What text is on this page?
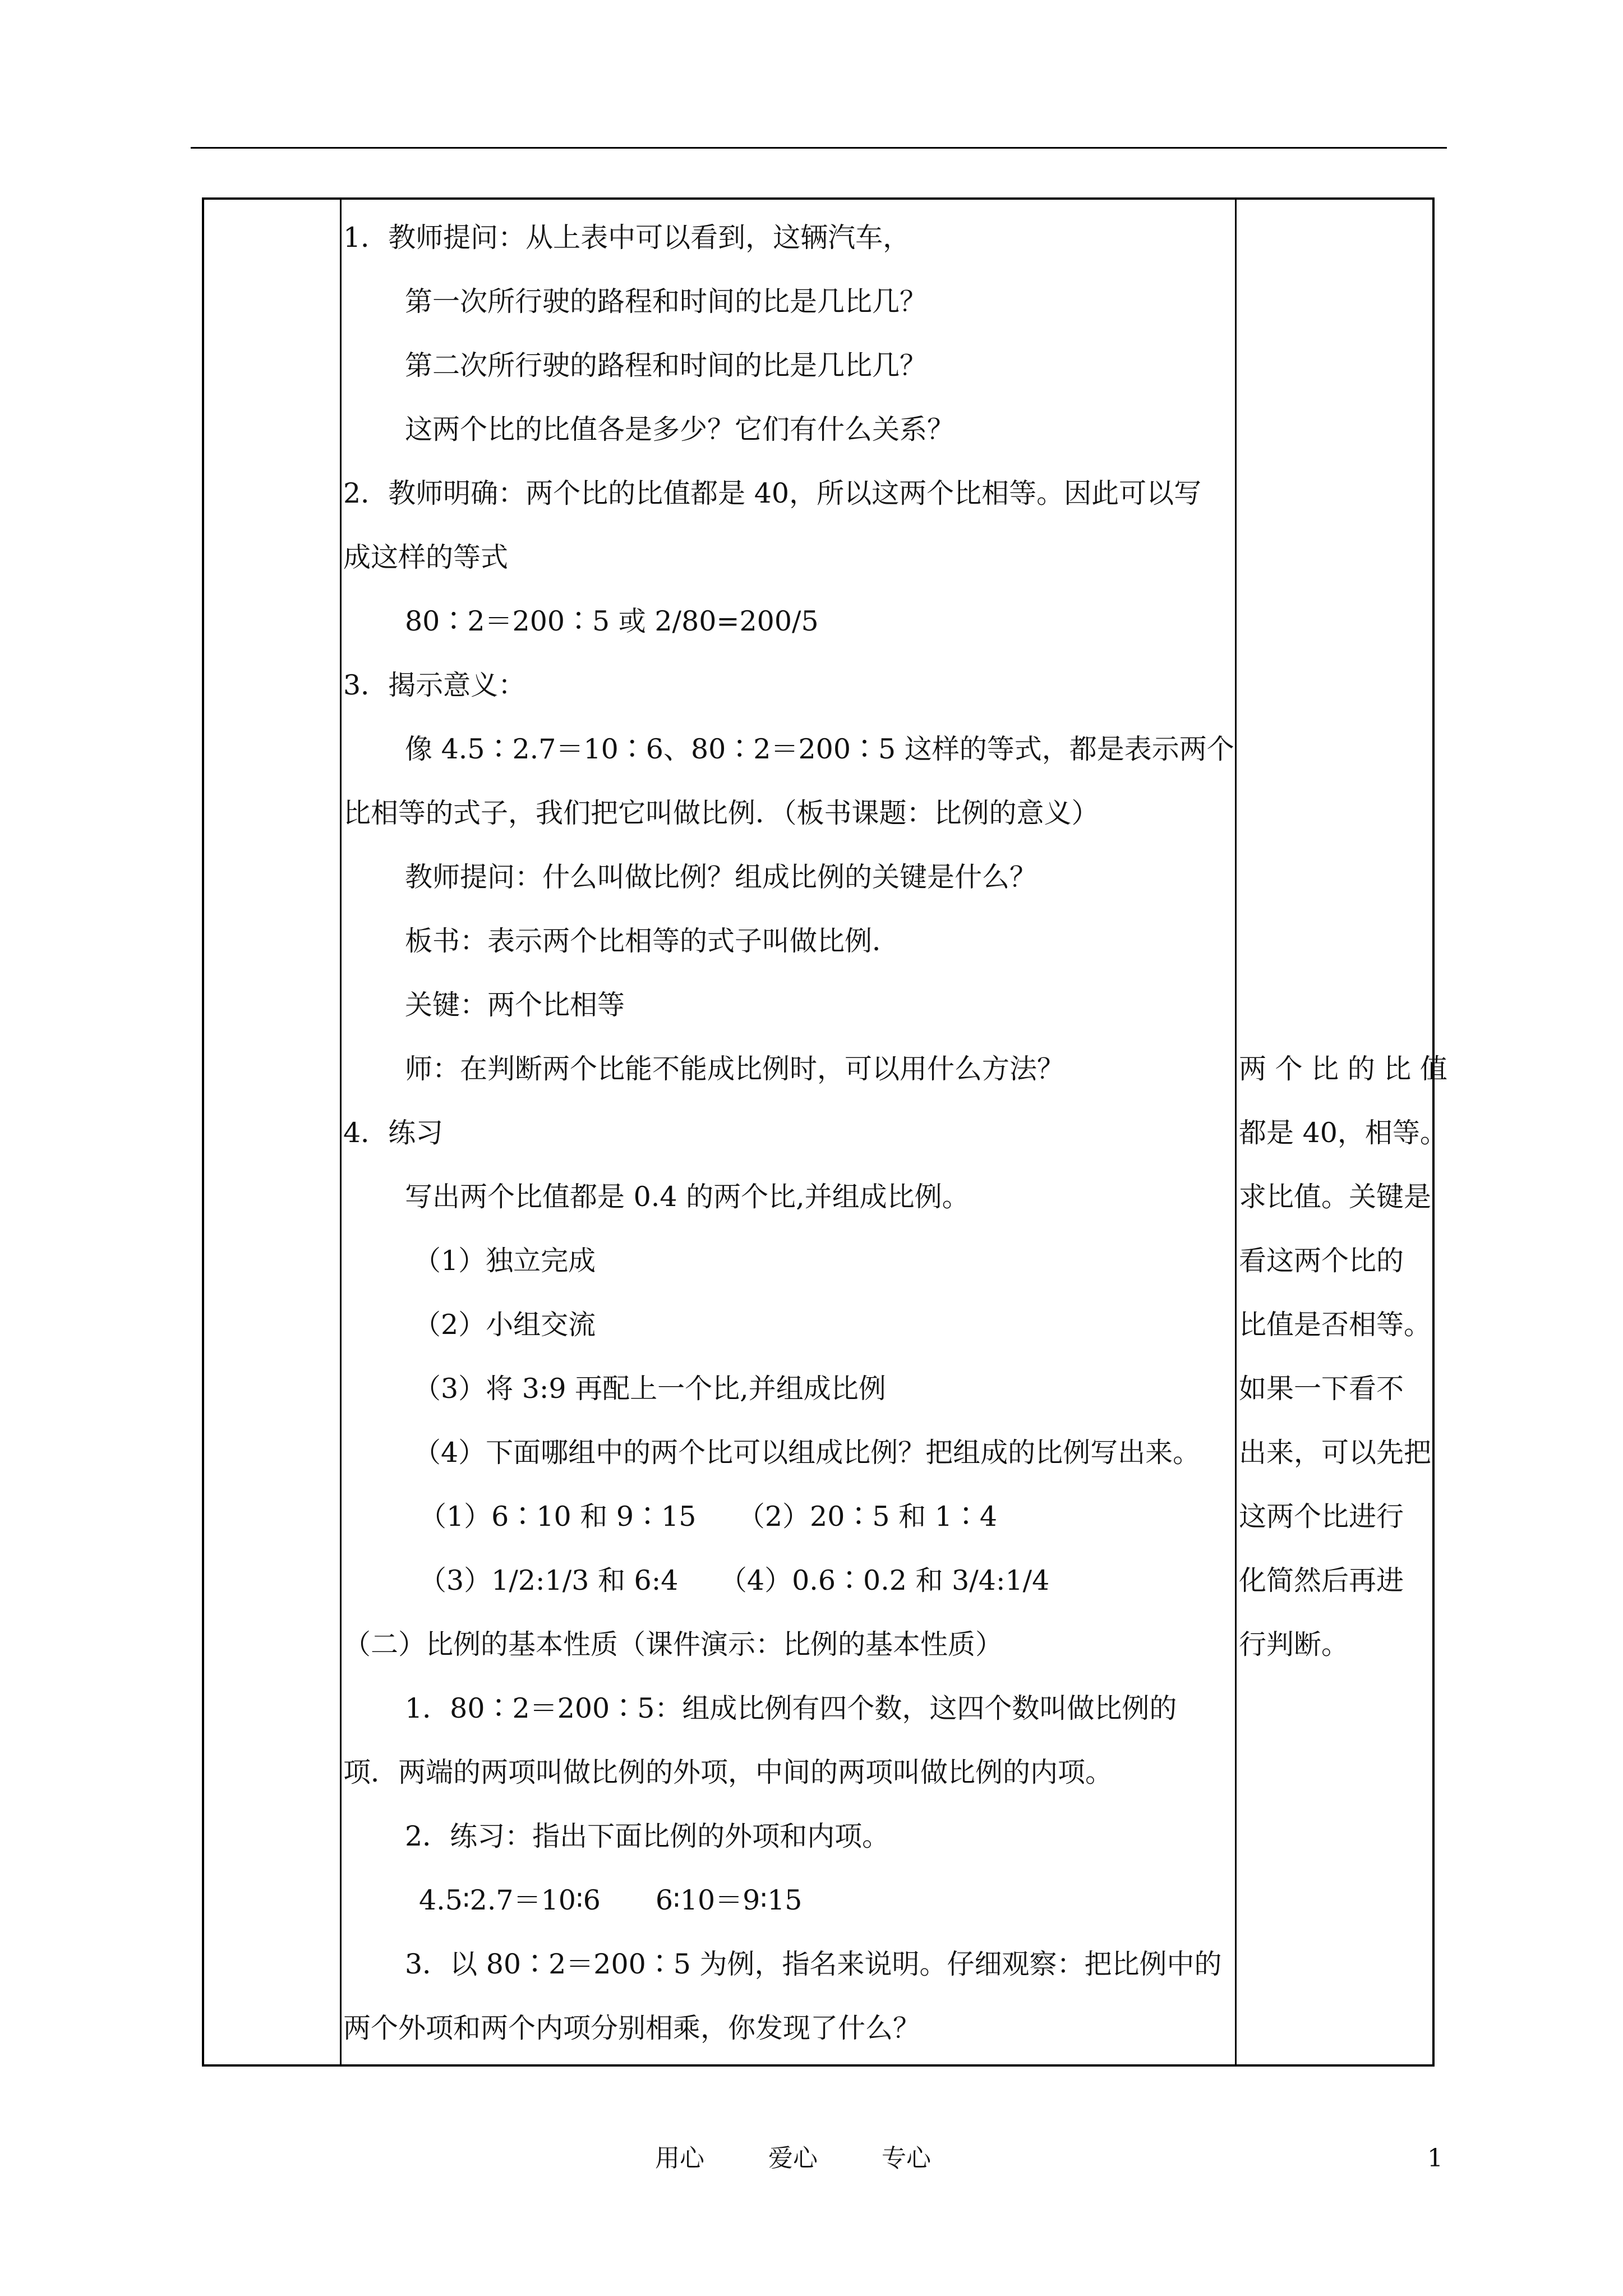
1．教师提问：从上表中可以看到，这辆汽车，
第一次所行驶的路程和时间的比是几比几？
第二次所行驶的路程和时间的比是几比几？
这两个比的比值各是多少？它们有什么关系？
2．教师明确：两个比的比值都是 40，所以这两个比相等。因此可以写
成这样的等式
80∶2＝200∶5 或 2/80=200/5
3．揭示意义：
像 4.5∶2.7＝10∶6、80∶2＝200∶5 这样的等式，都是表示两个
比相等的式子，我们把它叫做比例．（板书课题：比例的意义）
教师提问：什么叫做比例？组成比例的关键是什么？
板书：表示两个比相等的式子叫做比例．
关键：两个比相等
师：在判断两个比能不能成比例时，可以用什么方法？
4．练习
写出两个比值都是 0.4 的两个比,并组成比例。
（1）独立完成
（2）小组交流
（3）将 3:9 再配上一个比,并组成比例
（4）下面哪组中的两个比可以组成比例？把组成的比例写出来。
（1）6∶10 和 9∶15　　（2）20∶5 和 1∶4
（3）1/2:1/3 和 6:4　　（4）0.6∶0.2 和 3/4:1/4
（二）比例的基本性质（课件演示：比例的基本性质）
1．80∶2＝200∶5：组成比例有四个数，这四个数叫做比例的
项．两端的两项叫做比例的外项，中间的两项叫做比例的内项。
2．练习：指出下面比例的外项和内项。
4.5∶2.7＝10∶6　　6∶10＝9∶15
3．以 80∶2＝200∶5 为例，指名来说明。仔细观察：把比例中的
两个外项和两个内项分别相乘，你发现了什么？
两 个 比 的 比 值
都是 40，相等。
求比值。关键是
看这两个比的
比值是否相等。
如果一下看不
出来，可以先把
这两个比进行
化简然后再进
行判断。
用心	爱心	专心	1
